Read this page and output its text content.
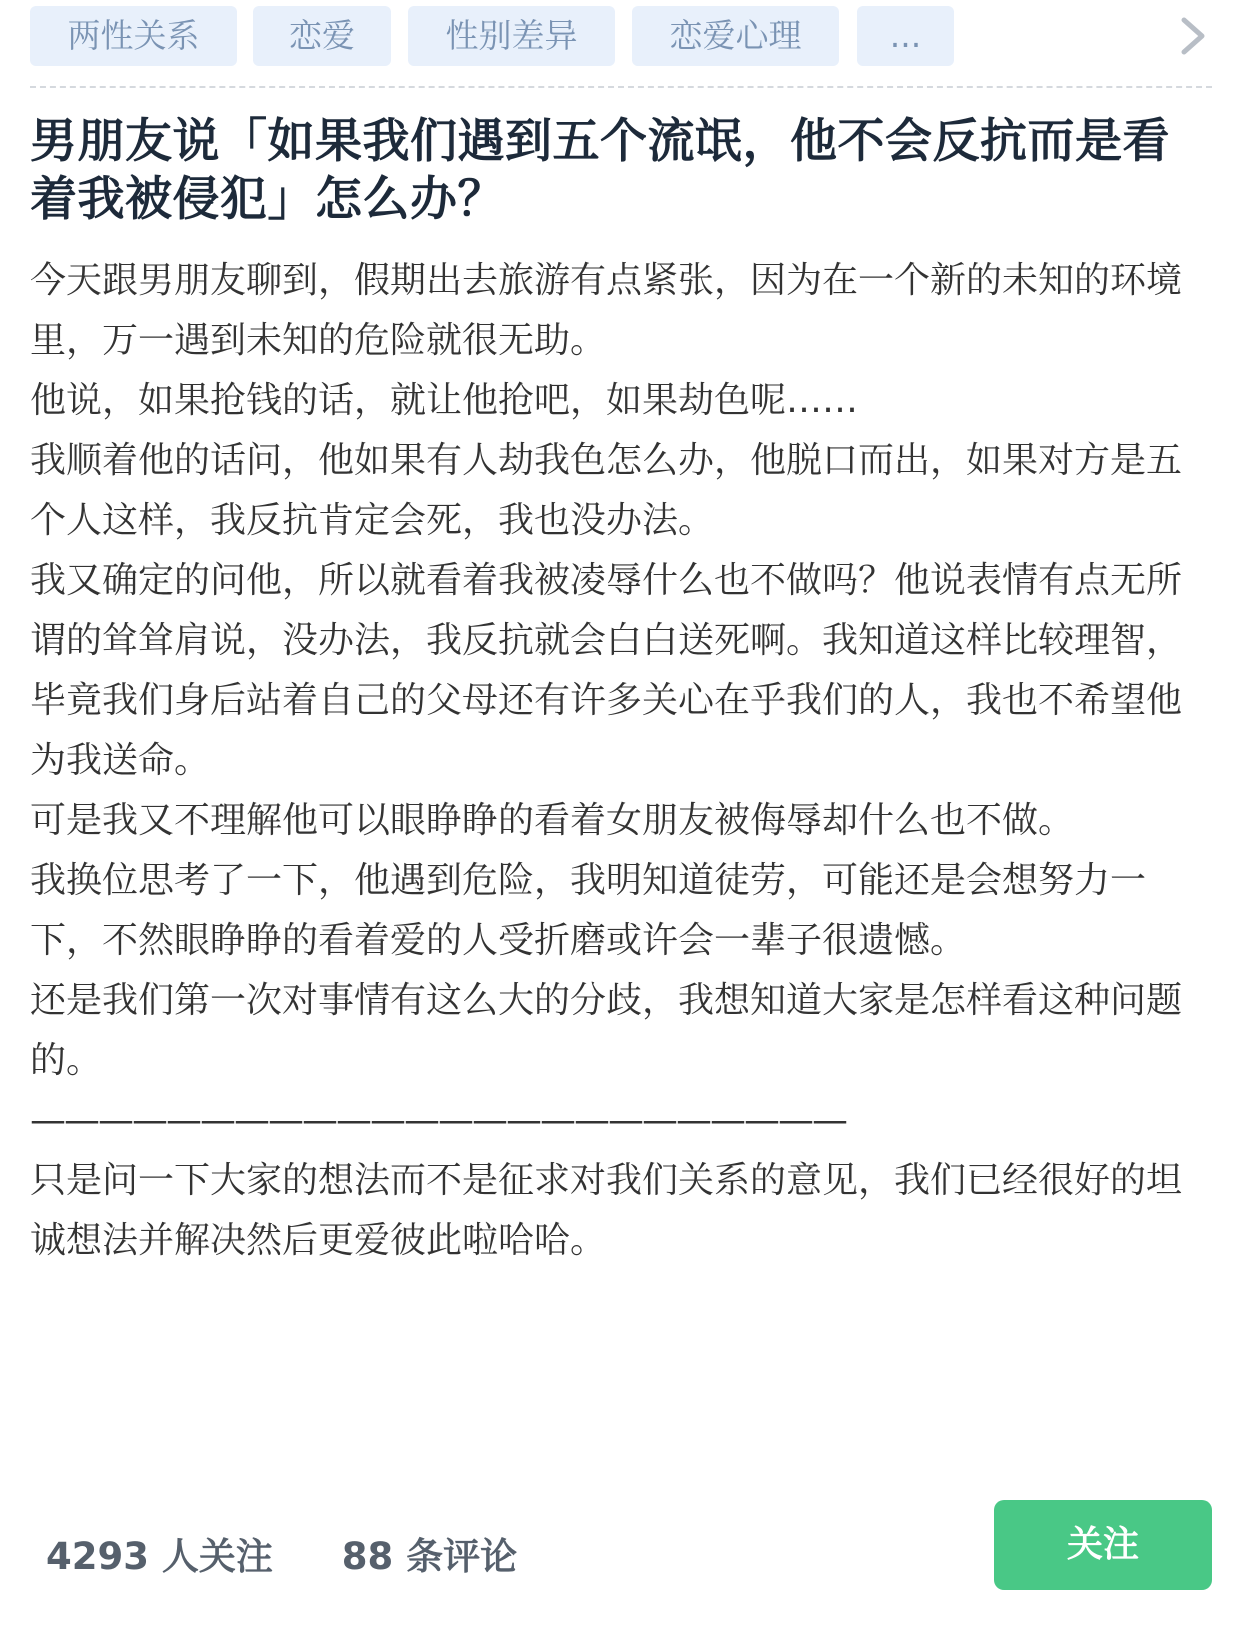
两性关系	恋爱	性别差异	恋爱心理	...
男朋友说「如果我们遇到五个流氓，他不会反抗而是看着我被侵犯」怎么办？

今天跟男朋友聊到，假期出去旅游有点紧张，因为在一个新的未知的环境里，万一遇到未知的危险就很无助。

他说，如果抢钱的话，就让他抢吧，如果劫色呢……

我顺着他的话问，他如果有人劫我色怎么办，他脱口而出，如果对方是五个人这样，我反抗肯定会死，我也没办法。

我又确定的问他，所以就看着我被凌辱什么也不做吗？他说表情有点无所谓的耸耸肩说，没办法，我反抗就会白白送死啊。我知道这样比较理智，毕竟我们身后站着自己的父母还有许多关心在乎我们的人，我也不希望他为我送命。

可是我又不理解他可以眼睁睁的看着女朋友被侮辱却什么也不做。

我换位思考了一下，他遇到危险，我明知道徒劳，可能还是会想努力一下，不然眼睁睁的看着爱的人受折磨或许会一辈子很遗憾。

还是我们第一次对事情有这么大的分歧，我想知道大家是怎样看这种问题的。

————————————————————————

只是问一下大家的想法而不是征求对我们关系的意见，我们已经很好的坦诚想法并解决然后更爱彼此啦哈哈。

4293 人关注 88 条评论	关注
